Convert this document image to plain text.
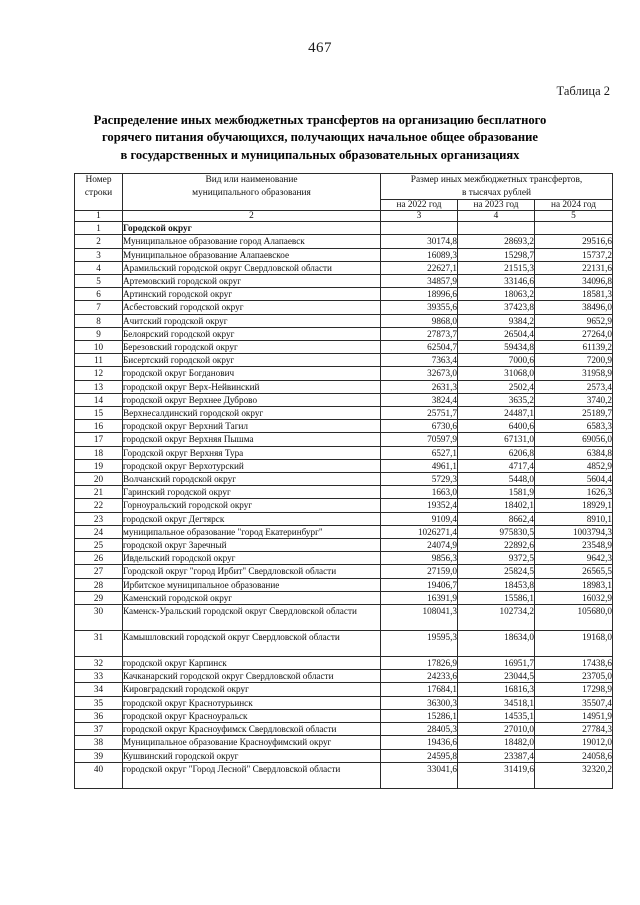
467
Таблица 2
Распределение иных межбюджетных трансфертов на организацию бесплатного
горячего питания обучающихся, получающих начальное общее образование
в государственных и муниципальных образовательных организациях
Номер
строки	Вид или наименование
муниципального образования	Размер иных межбюджетных трансфертов,
в тысячах рублей		
		на 2022 год	на 2023 год	на 2024 год
1	2	3	4	5
1	Городской округ			
2	Муниципальное образование город Алапаевск	30174,8	28693,2	29516,6
3	Муниципальное образование Алапаевское	16089,3	15298,7	15737,2
4	Арамильский городской округ Свердловской области	22627,1	21515,3	22131,6
5	Артемовский городской округ	34857,9	33146,6	34096,8
6	Артинский городской округ	18996,6	18063,2	18581,3
7	Асбестовский городской округ	39355,6	37423,8	38496,0
8	Ачитский городской округ	9868,0	9384,2	9652,9
9	Белоярский городской округ	27873,7	26504,4	27264,0
10	Березовский городской округ	62504,7	59434,8	61139,2
11	Бисертский городской округ	7363,4	7000,6	7200,9
12	городской округ Богданович	32673,0	31068,0	31958,9
13	городской округ Верх-Нейвинский	2631,3	2502,4	2573,4
14	городской округ Верхнее Дуброво	3824,4	3635,2	3740,2
15	Верхнесалдинский городской округ	25751,7	24487,1	25189,7
16	городской округ Верхний Тагил	6730,6	6400,6	6583,3
17	городской округ Верхняя Пышма	70597,9	67131,0	69056,0
18	Городской округ Верхняя Тура	6527,1	6206,8	6384,8
19	городской округ Верхотурский	4961,1	4717,4	4852,9
20	Волчанский городской округ	5729,3	5448,0	5604,4
21	Гаринский городской округ	1663,0	1581,9	1626,3
22	Горноуральский городской округ	19352,4	18402,1	18929,1
23	городской округ Дегтярск	9109,4	8662,4	8910,1
24	муниципальное образование "город Екатеринбург"	1026271,4	975830,5	1003794,3
25	городской округ Заречный	24074,9	22892,6	23548,9
26	Ивдельский городской округ	9856,3	9372,5	9642,3
27	Городской округ "город Ирбит" Свердловской области	27159,0	25824,5	26565,5
28	Ирбитское муниципальное образование	19406,7	18453,8	18983,1
29	Каменский городской округ	16391,9	15586,1	16032,9
30	Каменск-Уральский городской округ Свердловской области	108041,3	102734,2	105680,0
31	Камышловский городской округ Свердловской области	19595,3	18634,0	19168,0
32	городской округ Карпинск	17826,9	16951,7	17438,6
33	Качканарский городской округ Свердловской области	24233,6	23044,5	23705,0
34	Кировградский городской округ	17684,1	16816,3	17298,9
35	городской округ Краснотурьинск	36300,3	34518,1	35507,4
36	городской округ Красноуральск	15286,1	14535,1	14951,9
37	городской округ Красноуфимск Свердловской области	28405,3	27010,0	27784,3
38	Муниципальное образование Красноуфимский округ	19436,6	18482,0	19012,0
39	Кушвинский городской округ	24595,8	23387,4	24058,6
40	городской округ "Город Лесной" Свердловской области	33041,6	31419,6	32320,2
